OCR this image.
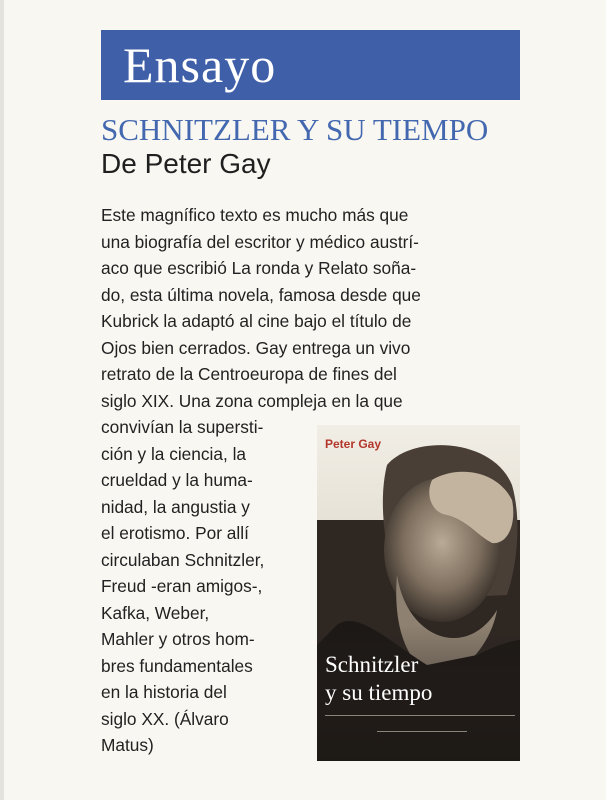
Ensayo
SCHNITZLER Y SU TIEMPO
De Peter Gay
Este magnífico texto es mucho más que
una biografía del escritor y médico austrí-
aco que escribió La ronda y Relato soña-
do, esta última novela, famosa desde que
Kubrick la adaptó al cine bajo el título de
Ojos bien cerrados. Gay entrega un vivo
retrato de la Centroeuropa de fines del
siglo XIX. Una zona compleja en la que
convivían la supersti-
ción y la ciencia, la
crueldad y la huma-
nidad, la angustia y
el erotismo. Por allí
circulaban Schnitzler,
Freud -eran amigos-,
Kafka, Weber,
Mahler y otros hom-
bres fundamentales
en la historia del
siglo XX. (Álvaro
Matus)
Peter Gay
Schnitzler
y su tiempo
